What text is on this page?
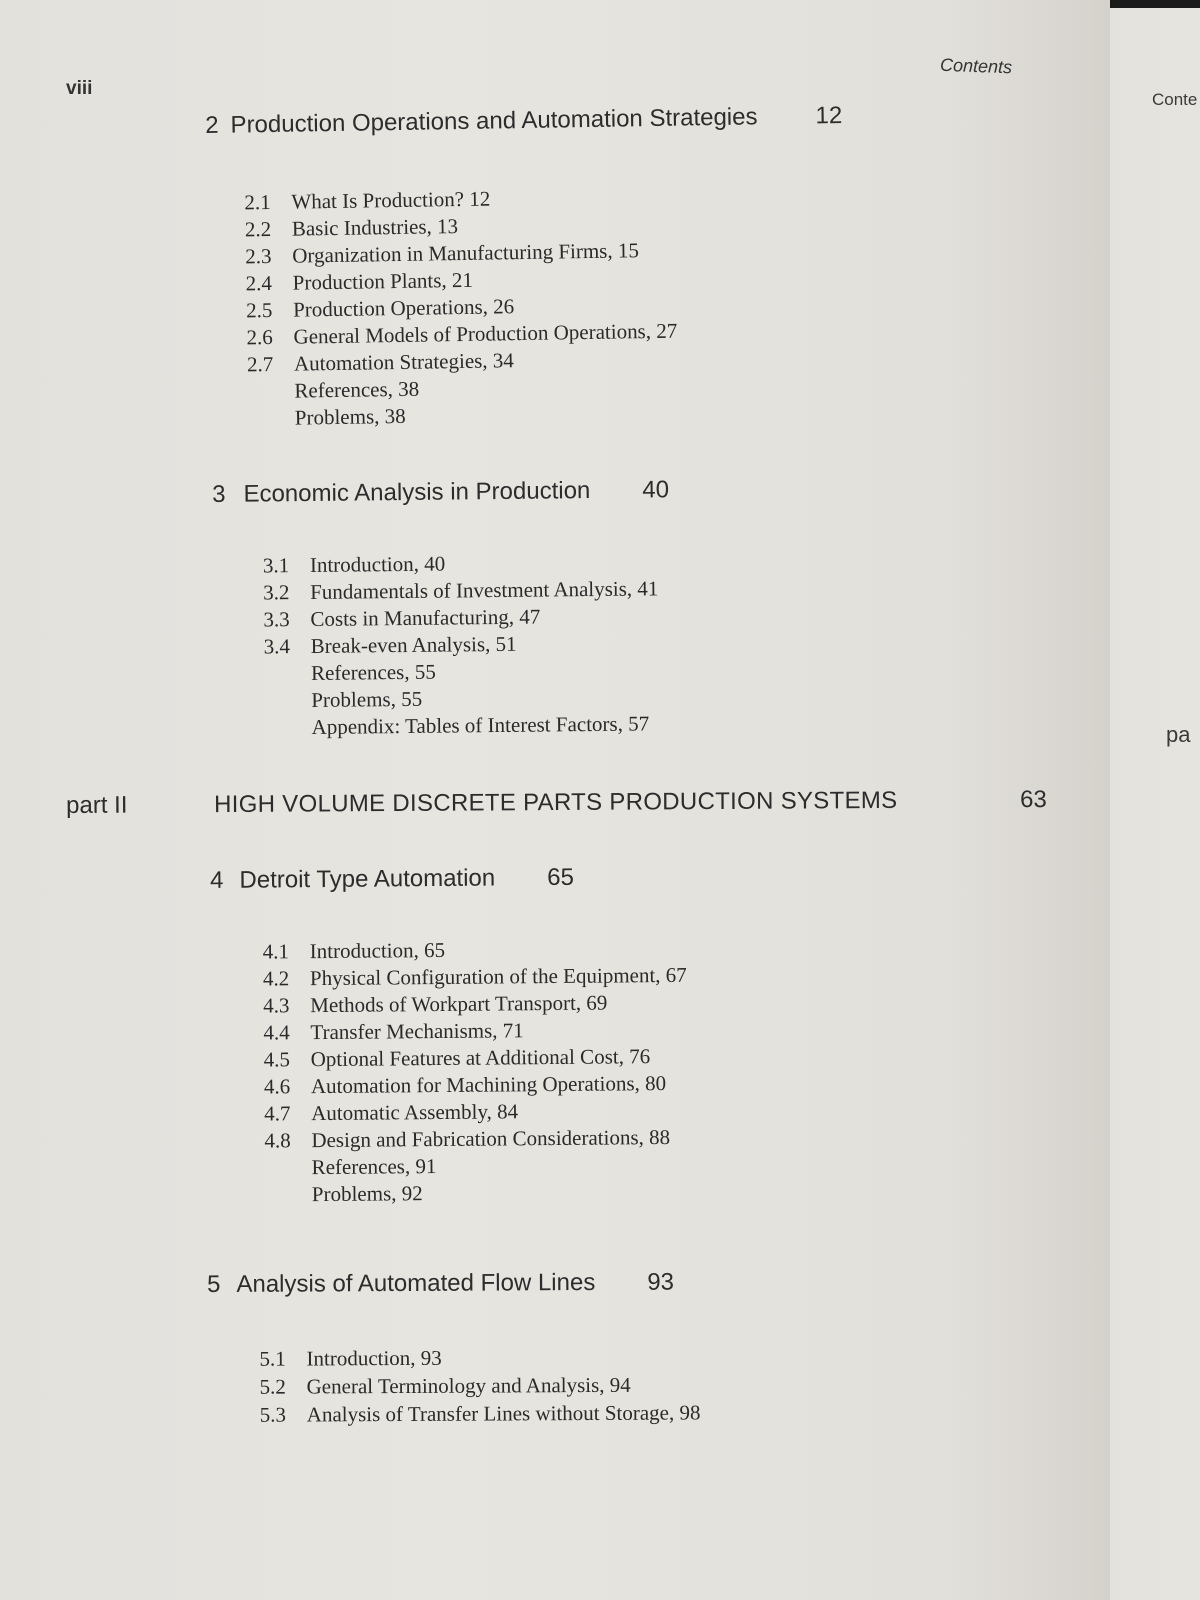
Conte
pa
viii
Contents
2 Production Operations and Automation Strategies 12
2.1 What Is Production? 12
2.2 Basic Industries, 13
2.3 Organization in Manufacturing Firms, 15
2.4 Production Plants, 21
2.5 Production Operations, 26
2.6 General Models of Production Operations, 27
2.7 Automation Strategies, 34
References, 38
Problems, 38
3 Economic Analysis in Production 40
3.1 Introduction, 40
3.2 Fundamentals of Investment Analysis, 41
3.3 Costs in Manufacturing, 47
3.4 Break-even Analysis, 51
References, 55
Problems, 55
Appendix: Tables of Interest Factors, 57
part II	HIGH VOLUME DISCRETE PARTS PRODUCTION SYSTEMS	63
4 Detroit Type Automation 65
4.1 Introduction, 65
4.2 Physical Configuration of the Equipment, 67
4.3 Methods of Workpart Transport, 69
4.4 Transfer Mechanisms, 71
4.5 Optional Features at Additional Cost, 76
4.6 Automation for Machining Operations, 80
4.7 Automatic Assembly, 84
4.8 Design and Fabrication Considerations, 88
References, 91
Problems, 92
5 Analysis of Automated Flow Lines 93
5.1 Introduction, 93
5.2 General Terminology and Analysis, 94
5.3 Analysis of Transfer Lines without Storage, 98
